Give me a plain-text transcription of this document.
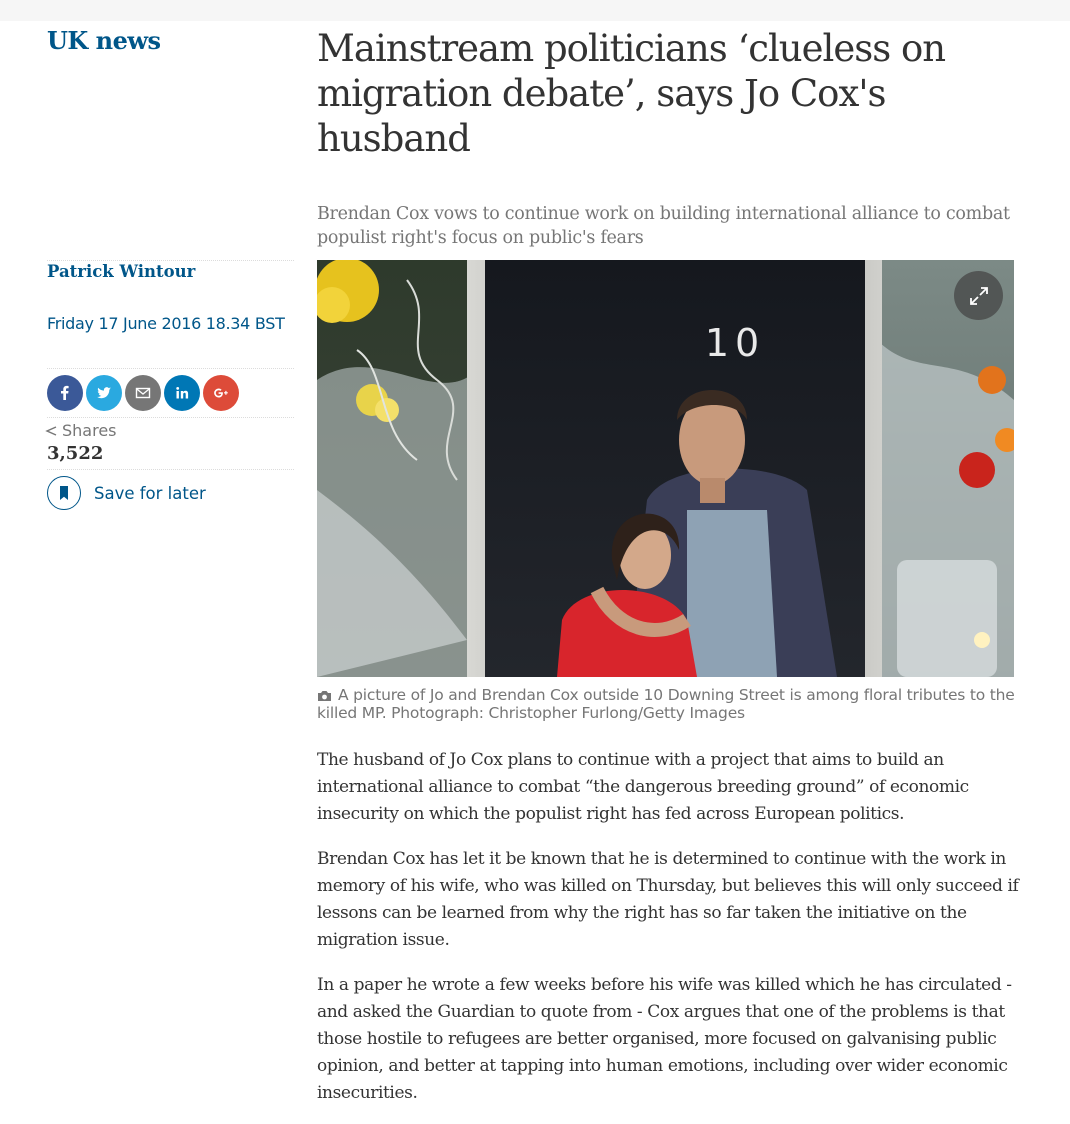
UK news	Mainstream politicians ‘clueless on migration debate’, says Jo Cox's husband

Brendan Cox vows to continue work on building international alliance to combat populist right's focus on public's fears

Patrick Wintour
Friday 17 June 2016 18.34 BST
Shares
3,522
Save for later
10

A picture of Jo and Brendan Cox outside 10 Downing Street is among floral tributes to the killed MP. Photograph: Christopher Furlong/Getty Images

The husband of Jo Cox plans to continue with a project that aims to build an international alliance to combat “the dangerous breeding ground” of economic insecurity on which the populist right has fed across European politics.

Brendan Cox has let it be known that he is determined to continue with the work in memory of his wife, who was killed on Thursday, but believes this will only succeed if lessons can be learned from why the right has so far taken the initiative on the migration issue.

In a paper he wrote a few weeks before his wife was killed which he has circulated - and asked the Guardian to quote from - Cox argues that one of the problems is that those hostile to refugees are better organised, more focused on galvanising public opinion, and better at tapping into human emotions, including over wider economic insecurities.
